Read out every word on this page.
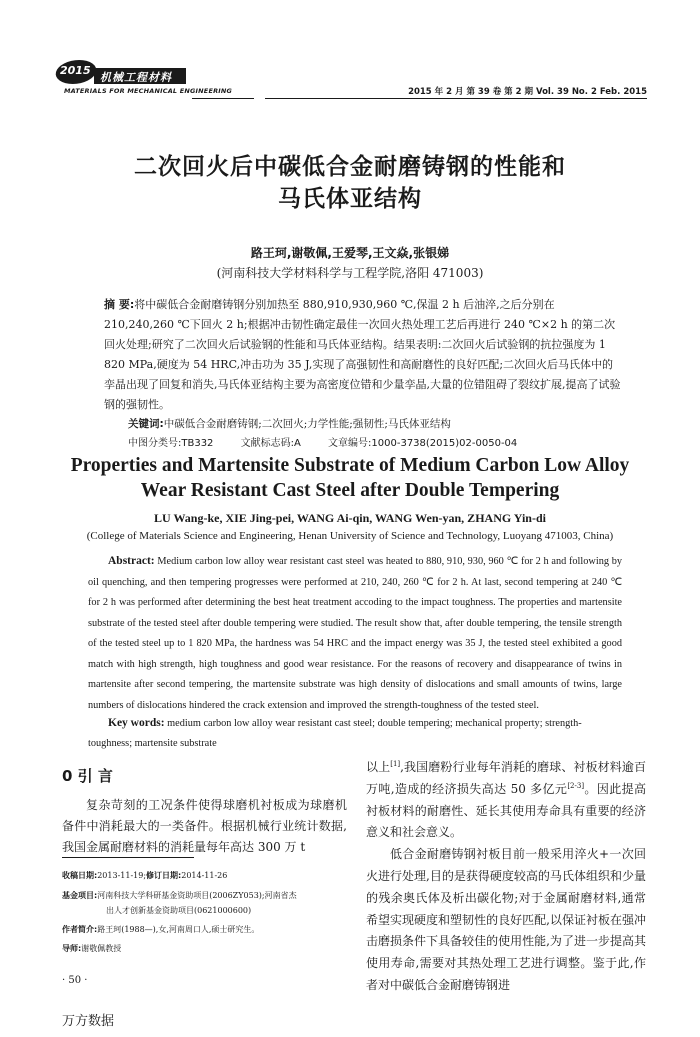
2015
机械工程材料
MATERIALS FOR MECHANICAL ENGINEERING	2015 年 2 月 第 39 卷 第 2 期 Vol. 39 No. 2 Feb. 2015
二次回火后中碳低合金耐磨铸钢的性能和
马氏体亚结构
路王珂,谢敬佩,王爱琴,王文焱,张银娣
(河南科技大学材料科学与工程学院,洛阳 471003)
摘 要:将中碳低合金耐磨铸钢分别加热至 880,910,930,960 ℃,保温 2 h 后油淬,之后分别在 210,240,260 ℃下回火 2 h;根据冲击韧性确定最佳一次回火热处理工艺后再进行 240 ℃×2 h 的第二次回火处理;研究了二次回火后试验钢的性能和马氏体亚结构。结果表明:二次回火后试验钢的抗拉强度为 1 820 MPa,硬度为 54 HRC,冲击功为 35 J,实现了高强韧性和高耐磨性的良好匹配;二次回火后马氏体中的孪晶出现了回复和消失,马氏体亚结构主要为高密度位错和少量孪晶,大量的位错阻碍了裂纹扩展,提高了试验钢的强韧性。
关键词:中碳低合金耐磨铸钢;二次回火;力学性能;强韧性;马氏体亚结构
中图分类号:TB332	文献标志码:A	文章编号:1000-3738(2015)02-0050-04
Properties and Martensite Substrate of Medium Carbon Low Alloy
Wear Resistant Cast Steel after Double Tempering
LU Wang-ke, XIE Jing-pei, WANG Ai-qin, WANG Wen-yan, ZHANG Yin-di
(College of Materials Science and Engineering, Henan University of Science and Technology, Luoyang 471003, China)
Abstract: Medium carbon low alloy wear resistant cast steel was heated to 880, 910, 930, 960 ℃ for 2 h and following by oil quenching, and then tempering progresses were performed at 210, 240, 260 ℃ for 2 h. At last, second tempering at 240 ℃ for 2 h was performed after determining the best heat treatment accoding to the impact toughness. The properties and martensite substrate of the tested steel after double tempering were studied. The result show that, after double tempering, the tensile strength of the tested steel up to 1 820 MPa, the hardness was 54 HRC and the impact energy was 35 J, the tested steel exhibited a good match with high strength, high toughness and good wear resistance. For the reasons of recovery and disappearance of twins in martensite after second tempering, the martensite substrate was high density of dislocations and small amounts of twins, large numbers of dislocations hindered the crack extension and improved the strength-toughness of the tested steel.
Key words: medium carbon low alloy wear resistant cast steel; double tempering; mechanical property; strength-toughness; martensite substrate
0 引 言

复杂苛刻的工况条件使得球磨机衬板成为球磨机备件中消耗最大的一类备件。根据机械行业统计数据,我国金属耐磨材料的消耗量每年高达 300 万 t

以上[1],我国磨粉行业每年消耗的磨球、衬板材料逾百万吨,造成的经济损失高达 50 多亿元[2-3]。因此提高衬板材料的耐磨性、延长其使用寿命具有重要的经济意义和社会意义。

低合金耐磨铸钢衬板目前一般采用淬火+一次回火进行处理,目的是获得硬度较高的马氏体组织和少量的残余奥氏体及析出碳化物;对于金属耐磨材料,通常希望实现硬度和塑韧性的良好匹配,以保证衬板在强冲击磨损条件下具备较佳的使用性能,为了进一步提高其使用寿命,需要对其热处理工艺进行调整。鉴于此,作者对中碳低合金耐磨铸钢进

收稿日期:2013-11-19;修订日期:2014-11-26
基金项目:河南科技大学科研基金资助项目(2006ZY053);河南省杰
出人才创新基金资助项目(0621000600)
作者简介:路王珂(1988—),女,河南周口人,硕士研究生。
导师:谢敬佩教授
· 50 ·
万方数据
